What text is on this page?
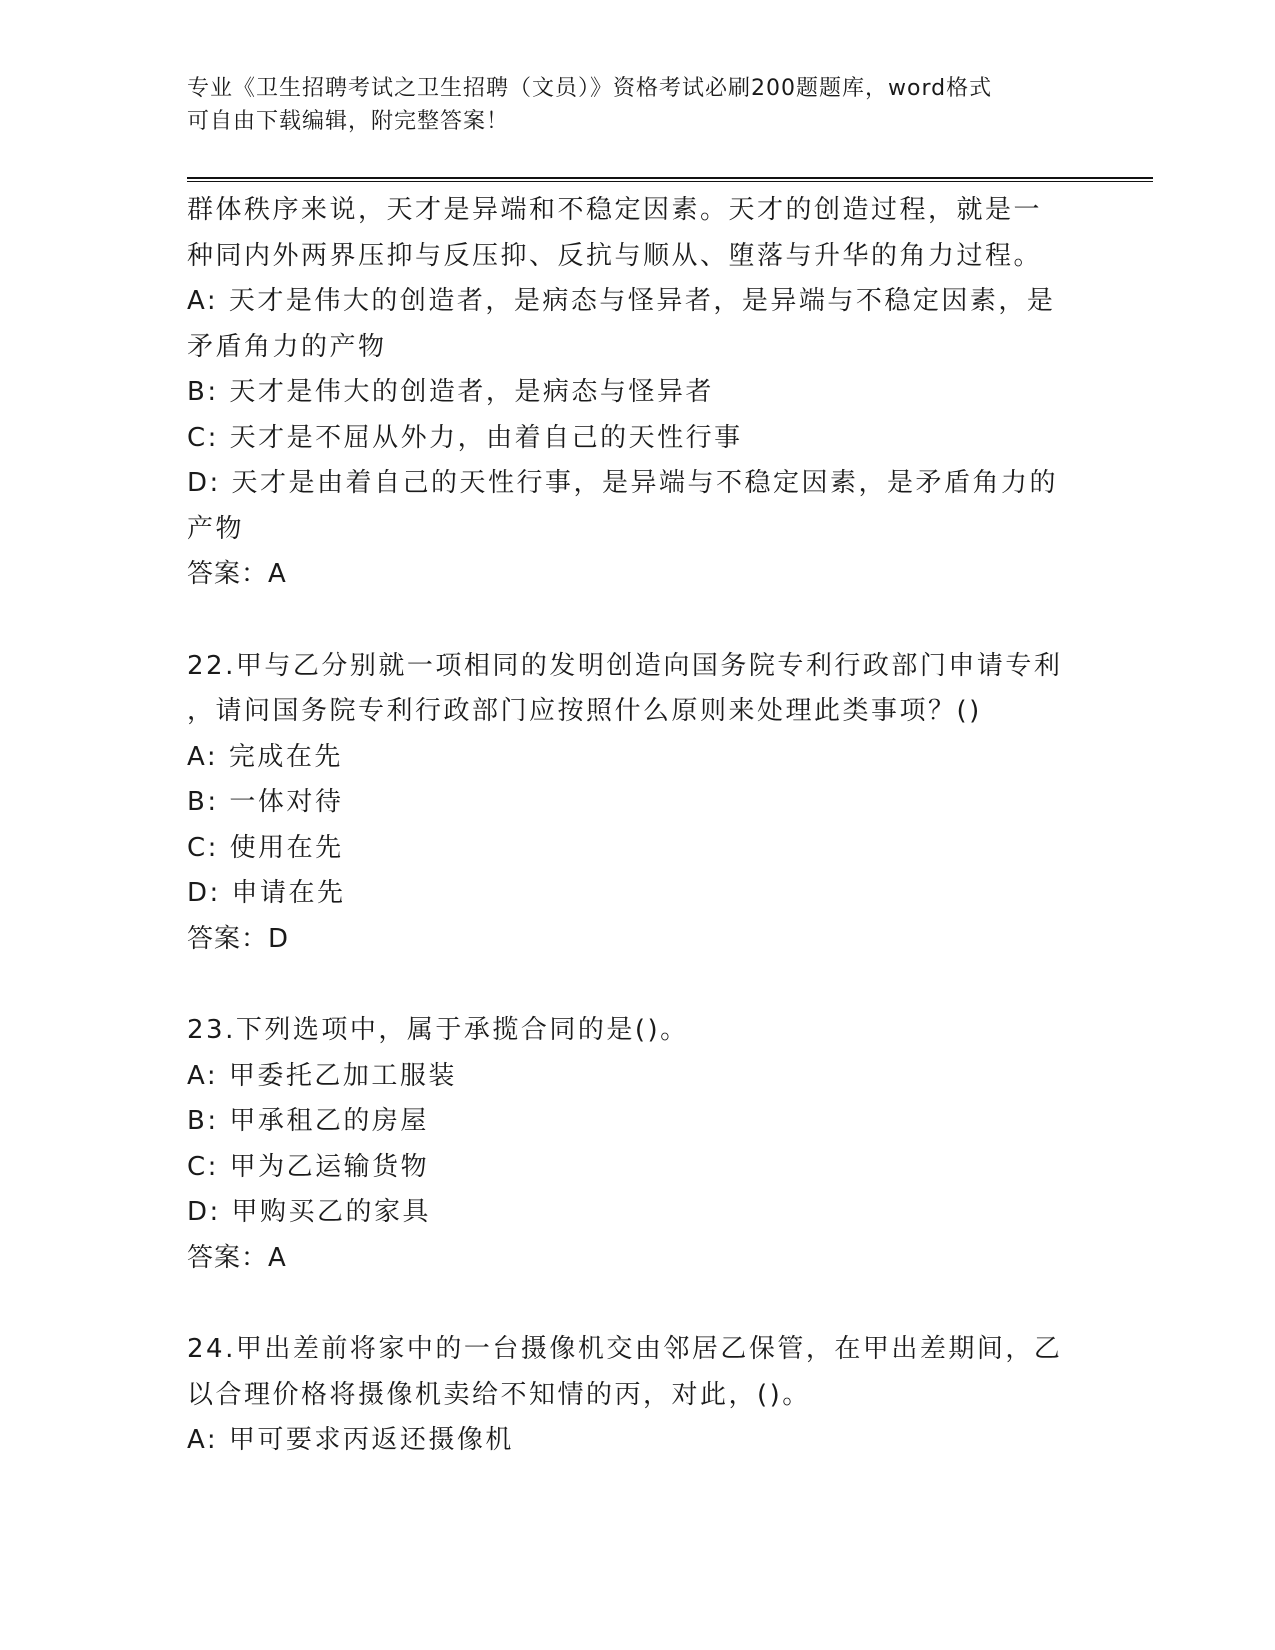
专业《卫生招聘考试之卫生招聘（文员）》资格考试必刷200题题库，word格式
可自由下载编辑，附完整答案！
群体秩序来说，天才是异端和不稳定因素。天才的创造过程，就是一
种同内外两界压抑与反压抑、反抗与顺从、堕落与升华的角力过程。
A: 天才是伟大的创造者，是病态与怪异者，是异端与不稳定因素，是
矛盾角力的产物
B: 天才是伟大的创造者，是病态与怪异者
C: 天才是不屈从外力，由着自己的天性行事
D: 天才是由着自己的天性行事，是异端与不稳定因素，是矛盾角力的
产物
答案：A
22.甲与乙分别就一项相同的发明创造向国务院专利行政部门申请专利
，请问国务院专利行政部门应按照什么原则来处理此类事项？()
A: 完成在先
B: 一体对待
C: 使用在先
D: 申请在先
答案：D
23.下列选项中，属于承揽合同的是()。
A: 甲委托乙加工服装
B: 甲承租乙的房屋
C: 甲为乙运输货物
D: 甲购买乙的家具
答案：A
24.甲出差前将家中的一台摄像机交由邻居乙保管，在甲出差期间，乙
以合理价格将摄像机卖给不知情的丙，对此，()。
A: 甲可要求丙返还摄像机
